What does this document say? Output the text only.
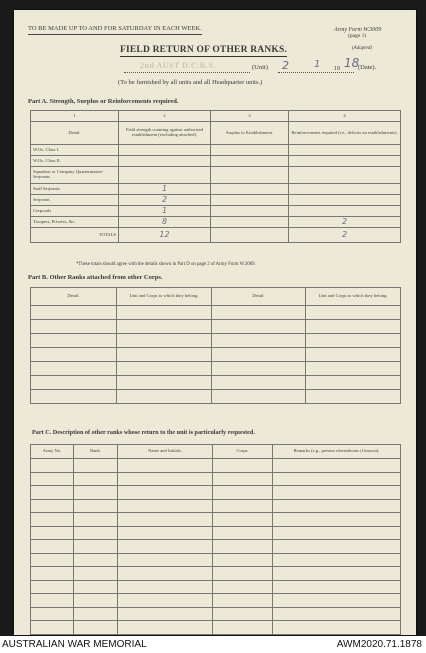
TO BE MADE UP TO AND FOR SATURDAY IN EACH WEEK.	Army Form W.3009
(page 1)
(Adapted)
FIELD RETURN OF OTHER RANKS.
2nd AUST D.C.R.S.	(Unit) 2	1 19 18
(Date).
(To be furnished by all units and all Headquarter units.)
Part A. Strength, Surplus or Reinforcements required.
1	2	3	4
Detail.	Field strength counting against authorized establishment (excluding attached).	Surplus to Establishment.	Reinforcements required (i.e., deficits on establishments).
W.Os. Class I.			
W.Os. Class II.			
Squadron or Company Quartermaster-Serjeants			
Staff Serjeants	1		
Serjeants	2		
Corporals	1		
Troopers, Privates, &c.	8		2
TOTALS	12		2
*These totals should agree with the details shown in Part D on page 2 of Army Form W.3009.
Part B. Other Ranks attached from other Corps.
Detail.	Unit and Corps to which they belong.	Detail.	Unit and Corps to which they belong.

Part C. Description of other ranks whose return to the unit is particularly requested.
Army No.	Rank.	Name and Initials.	Corps.	Remarks (e.g., present whereabouts if known).

AUSTRALIAN WAR MEMORIAL	AWM2020.71.1878
